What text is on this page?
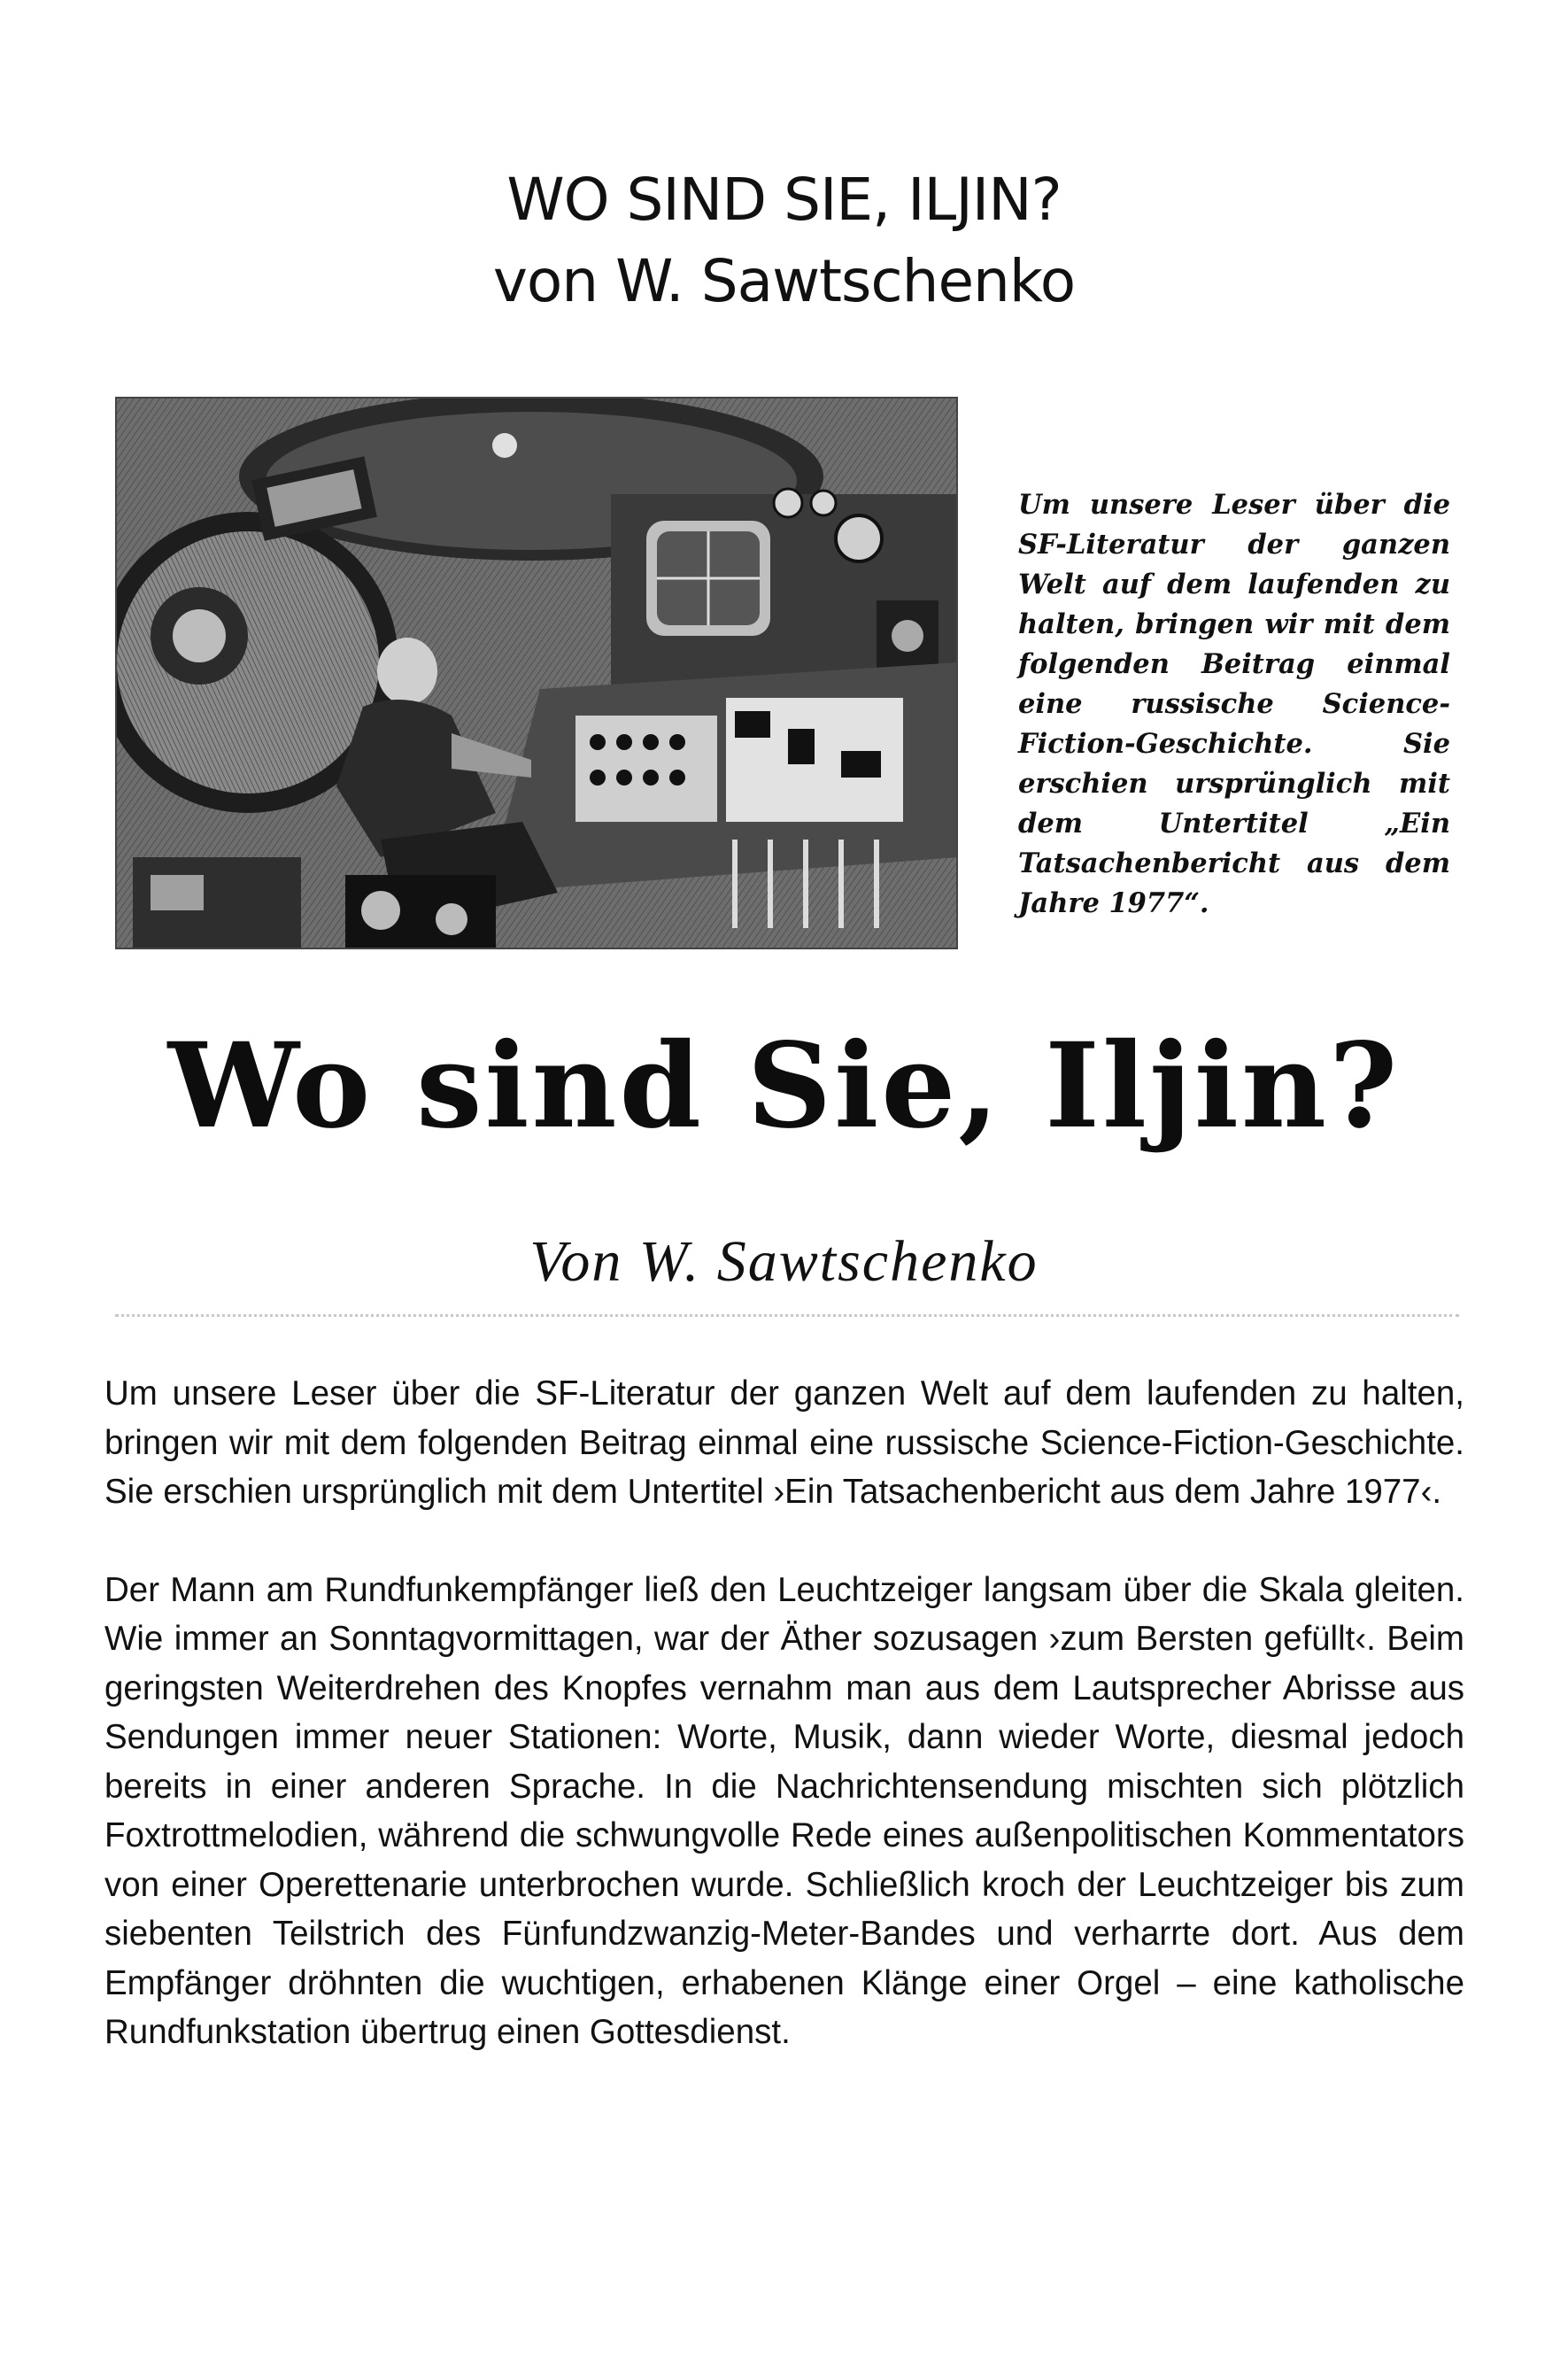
WO SIND SIE, ILJIN?
von W. Sawtschenko
Um unsere Leser über die SF-Literatur der ganzen Welt auf dem laufenden zu halten, bringen wir mit dem folgenden Beitrag einmal eine russische Science-Fiction-Geschichte. Sie erschien ursprünglich mit dem Untertitel „Ein Tatsachenbericht aus dem Jahre 1977“.
Wo sind Sie, Iljin?
Von W. Sawtschenko

Um unsere Leser über die SF-Literatur der ganzen Welt auf dem laufenden zu halten, bringen wir mit dem folgenden Beitrag einmal eine russische Science-Fiction-Geschichte. Sie erschien ursprünglich mit dem Untertitel ›Ein Tatsachenbericht aus dem Jahre 1977‹.

Der Mann am Rundfunkempfänger ließ den Leuchtzeiger langsam über die Skala gleiten. Wie immer an Sonntagvormittagen, war der Äther sozusagen ›zum Bersten gefüllt‹. Beim geringsten Weiterdrehen des Knopfes vernahm man aus dem Lautsprecher Abrisse aus Sendungen immer neuer Stationen: Worte, Musik, dann wieder Worte, diesmal jedoch bereits in einer anderen Sprache. In die Nachrichtensendung mischten sich plötzlich Foxtrottmelodien, während die schwungvolle Rede eines außenpolitischen Kommentators von einer Operettenarie unterbrochen wurde. Schließlich kroch der Leuchtzeiger bis zum siebenten Teilstrich des Fünfundzwanzig-Meter-Bandes und verharrte dort. Aus dem Empfänger dröhnten die wuchtigen, erhabenen Klänge einer Orgel – eine katholische Rundfunkstation übertrug einen Gottesdienst.
